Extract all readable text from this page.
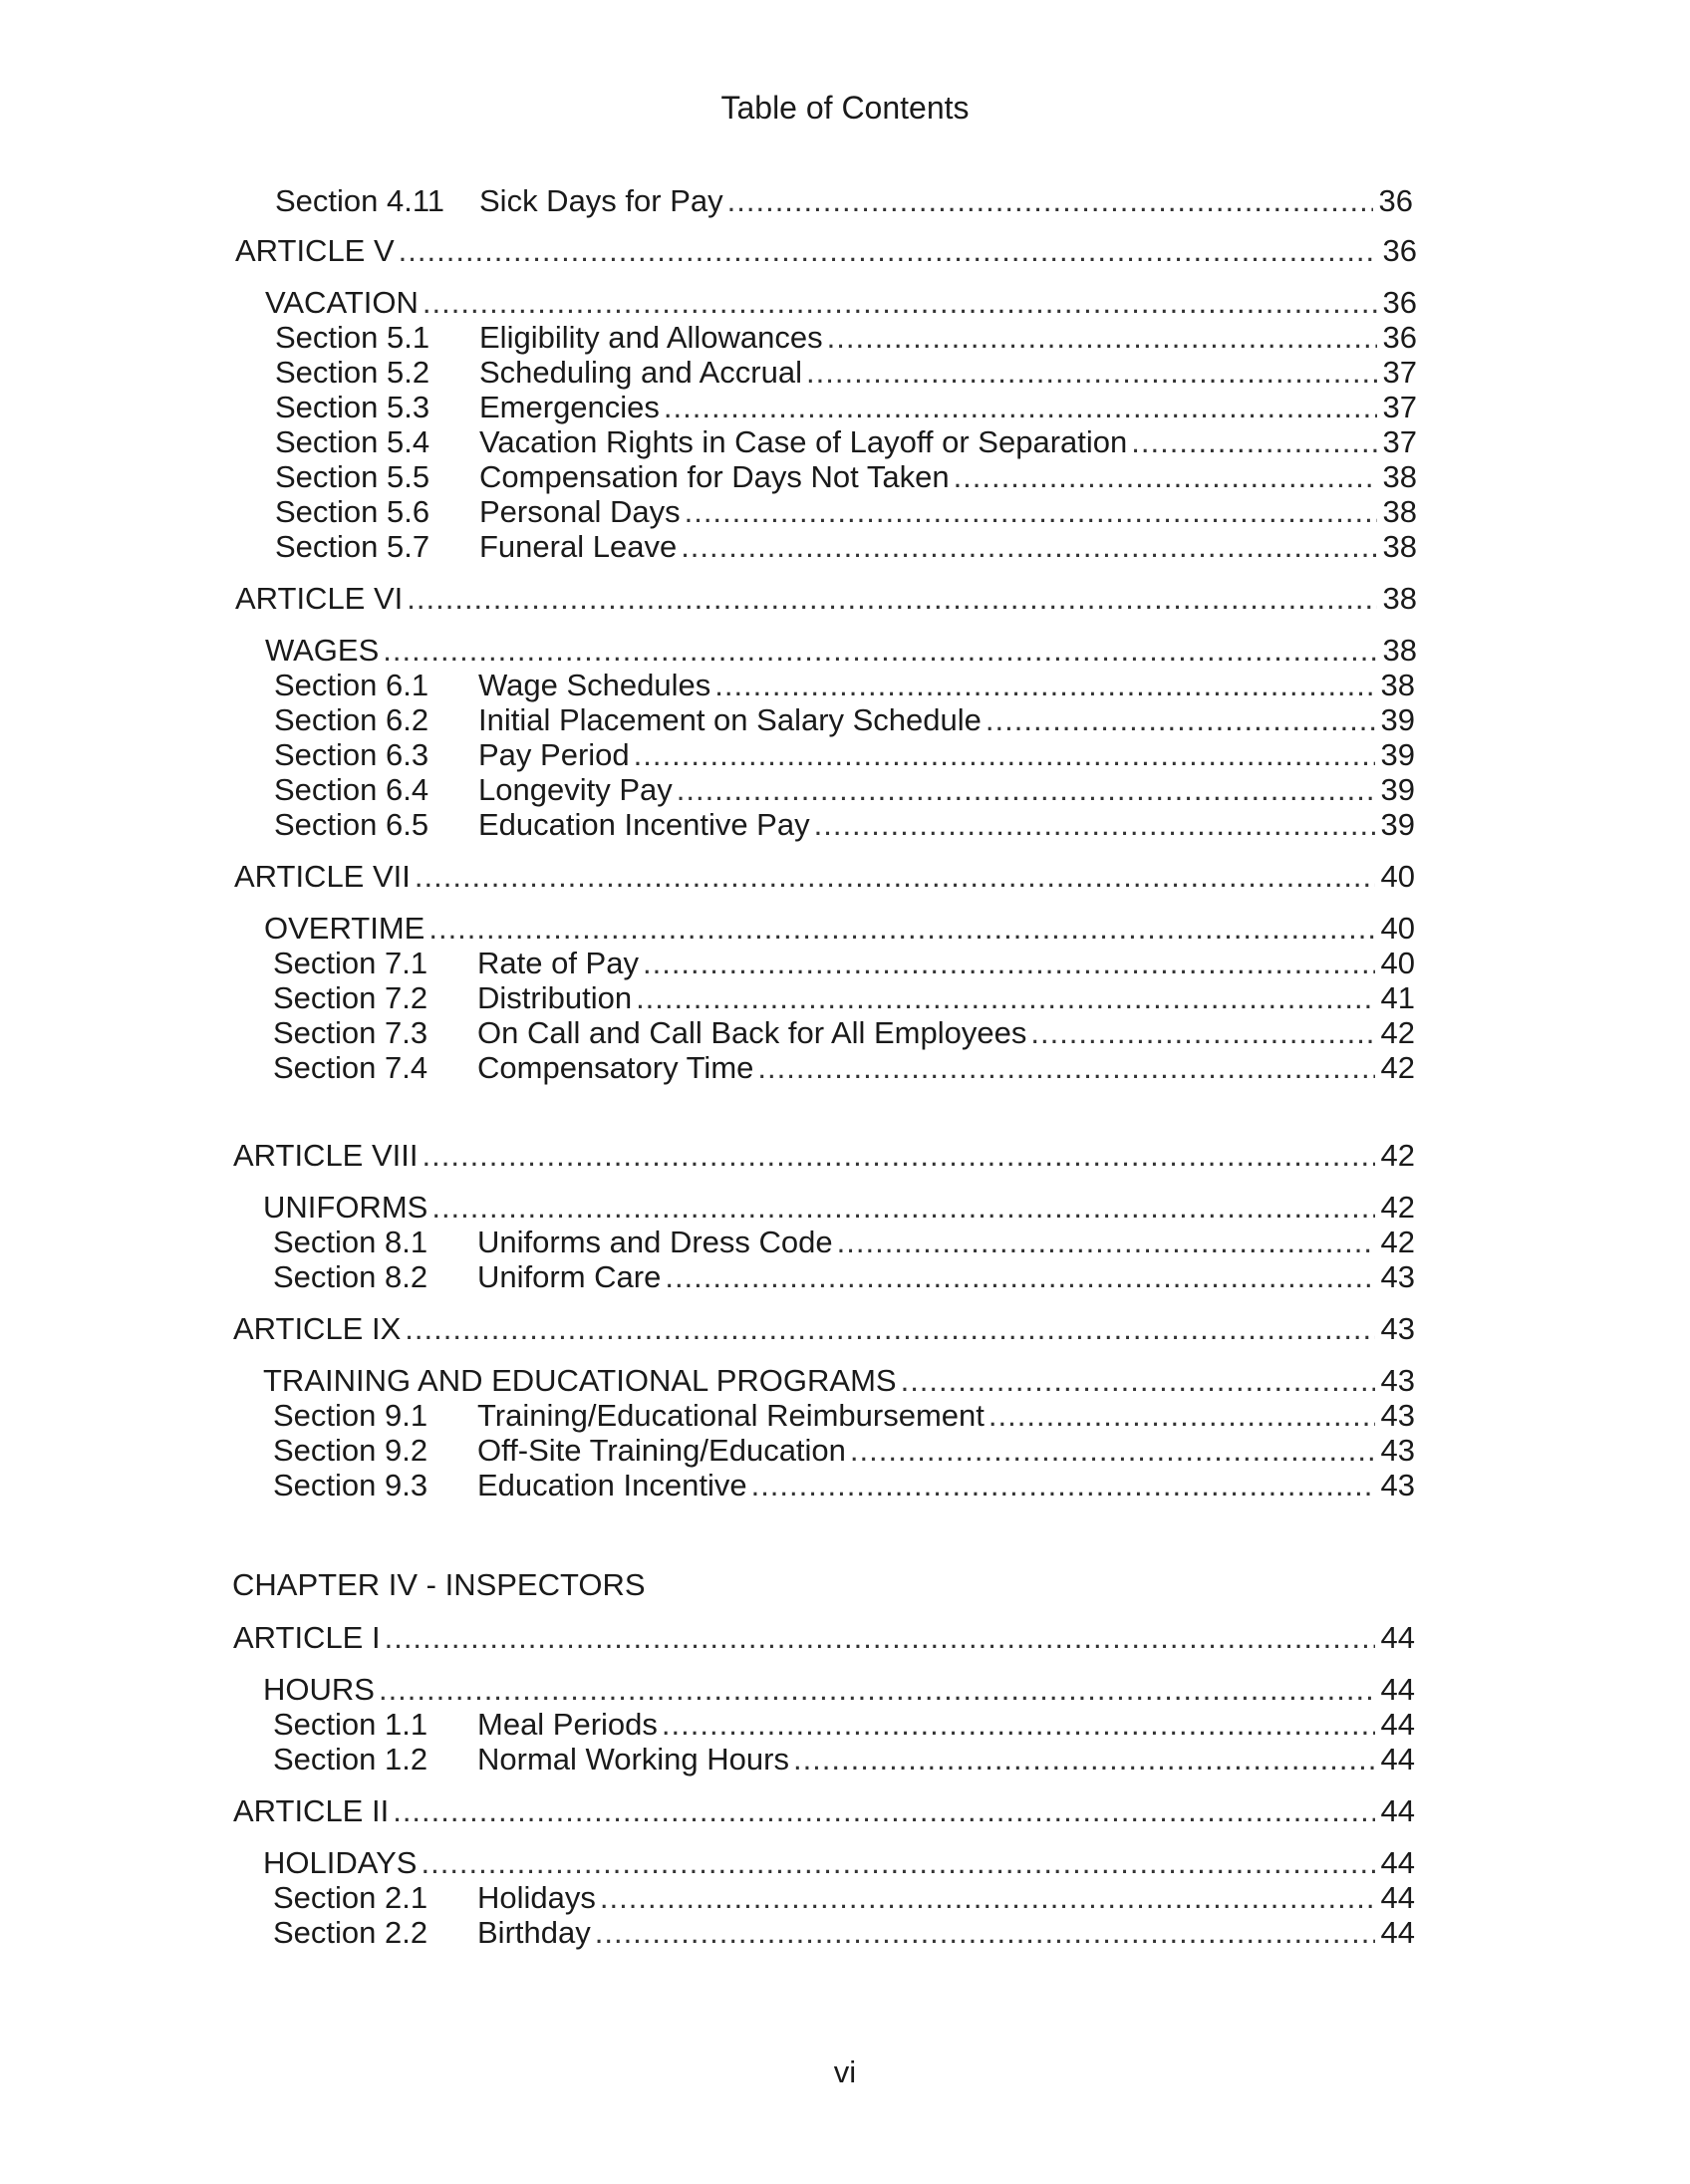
Table of Contents
CHAPTER IV - INSPECTORS
vi
Section 4.11	Sick Days for Pay .....	36
ARTICLE V .....	36
VACATION .....	36
Section 5.1	Eligibility and Allowances .....	36
Section 5.2	Scheduling and Accrual .....	37
Section 5.3	Emergencies .....	37
Section 5.4	Vacation Rights in Case of Layoff or Separation .....	37
Section 5.5	Compensation for Days Not Taken .....	38
Section 5.6	Personal Days .....	38
Section 5.7	Funeral Leave .....	38
ARTICLE VI .....	38
WAGES .....	38
Section 6.1	Wage Schedules .....	38
Section 6.2	Initial Placement on Salary Schedule .....	39
Section 6.3	Pay Period .....	39
Section 6.4	Longevity Pay .....	39
Section 6.5	Education Incentive Pay .....	39
ARTICLE VII .....	40
OVERTIME .....	40
Section 7.1	Rate of Pay .....	40
Section 7.2	Distribution .....	41
Section 7.3	On Call and Call Back for All Employees .....	42
Section 7.4	Compensatory Time .....	42
ARTICLE VIII .....	42
UNIFORMS .....	42
Section 8.1	Uniforms and Dress Code .....	42
Section 8.2	Uniform Care .....	43
ARTICLE IX .....	43
TRAINING AND EDUCATIONAL PROGRAMS .....	43
Section 9.1	Training/Educational Reimbursement .....	43
Section 9.2	Off-Site Training/Education .....	43
Section 9.3	Education Incentive .....	43
ARTICLE I .....	44
HOURS .....	44
Section 1.1	Meal Periods .....	44
Section 1.2	Normal Working Hours .....	44
ARTICLE II .....	44
HOLIDAYS .....	44
Section 2.1	Holidays .....	44
Section 2.2	Birthday .....	44
